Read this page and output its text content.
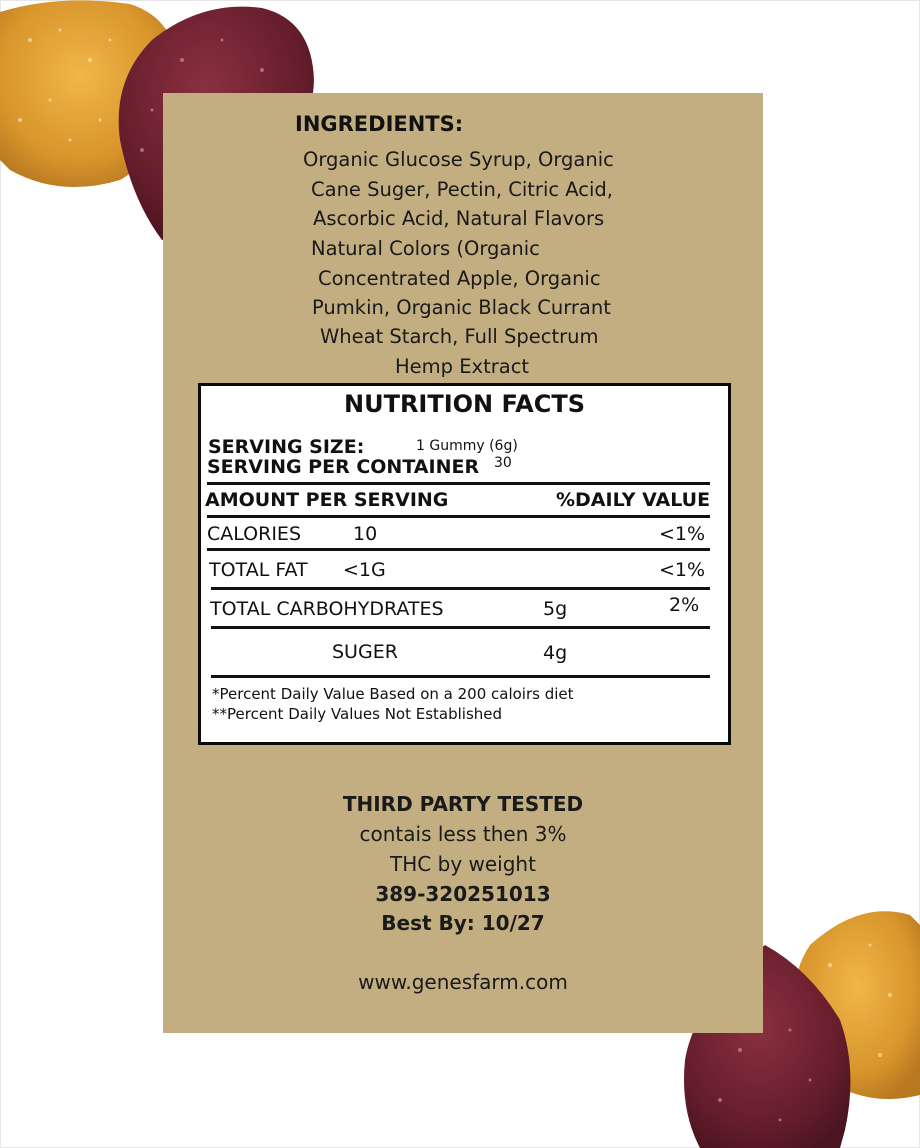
INGREDIENTS:
Organic Glucose Syrup, Organic
Cane Suger, Pectin, Citric Acid,
Ascorbic Acid, Natural Flavors
Natural Colors (Organic
Concentrated Apple, Organic
Pumkin, Organic Black Currant
Wheat Starch, Full Spectrum
Hemp Extract
NUTRITION FACTS
SERVING SIZE:	1 Gummy (6g)
SERVING PER CONTAINER 30
AMOUNT PER SERVING	%DAILY VALUE
CALORIES	10	<1%
TOTAL FAT <1G	<1%
TOTAL CARBOHYDRATES	5g	2%
SUGER	4g
*Percent Daily Value Based on a 200 caloirs diet
**Percent Daily Values Not Established
THIRD PARTY TESTED
contais less then 3%
THC by weight
389-320251013
Best By: 10/27
www.genesfarm.com
